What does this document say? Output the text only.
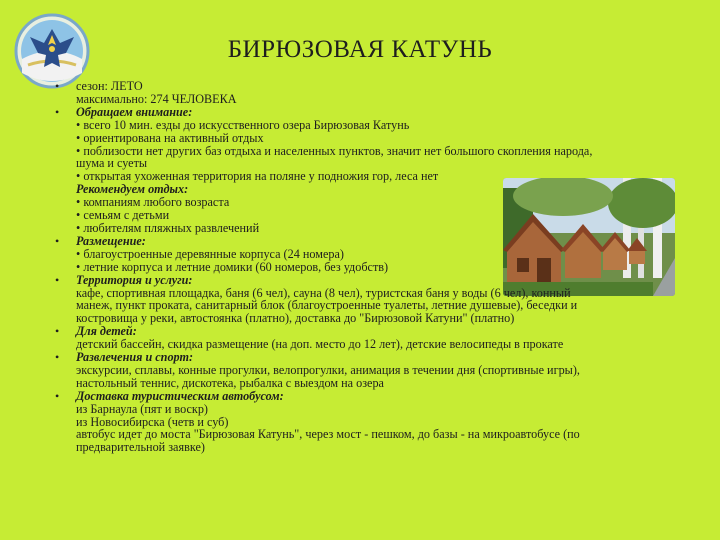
БИРЮЗОВАЯ КАТУНЬ
• сезон: ЛЕТО
максимально: 274 ЧЕЛОВЕКА
• Обращаем внимание:
• всего 10 мин. езды до искусственного озера Бирюзовая Катунь
• ориентирована на активный отдых
• поблизости нет других баз отдыха и населенных пунктов, значит нет большого скопления народа,
шума и суеты
• открытая ухоженная территория на поляне у подножия гор, леса нет
Рекомендуем отдых:
• компаниям любого возраста
• семьям с детьми
• любителям пляжных развлечений
• Размещение:
• благоустроенные деревянные корпуса (24 номера)
• летние корпуса и летние домики (60 номеров, без удобств)
• Территория и услуги:
кафе, спортивная площадка, баня (6 чел), сауна (8 чел), туристская баня у воды (6 чел), конный
манеж, пункт проката, санитарный блок (благоустроенные туалеты, летние душевые), беседки и
костровища у реки, автостоянка (платно), доставка до "Бирюзовой Катуни" (платно)
• Для детей:
детский бассейн, скидка размещение (на доп. место до 12 лет), детские велосипеды в прокате
• Развлечения и спорт:
экскурсии, сплавы, конные прогулки, велопрогулки, анимация в течении дня (спортивные игры),
настольный теннис, дискотека, рыбалка с выездом на озера
• Доставка туристическим автобусом:
из Барнаула (пят и воскр)
из Новосибирска (четв и суб)
автобус идет до моста "Бирюзовая Катунь", через мост - пешком, до базы - на микроавтобусе (по
предварительной заявке)
